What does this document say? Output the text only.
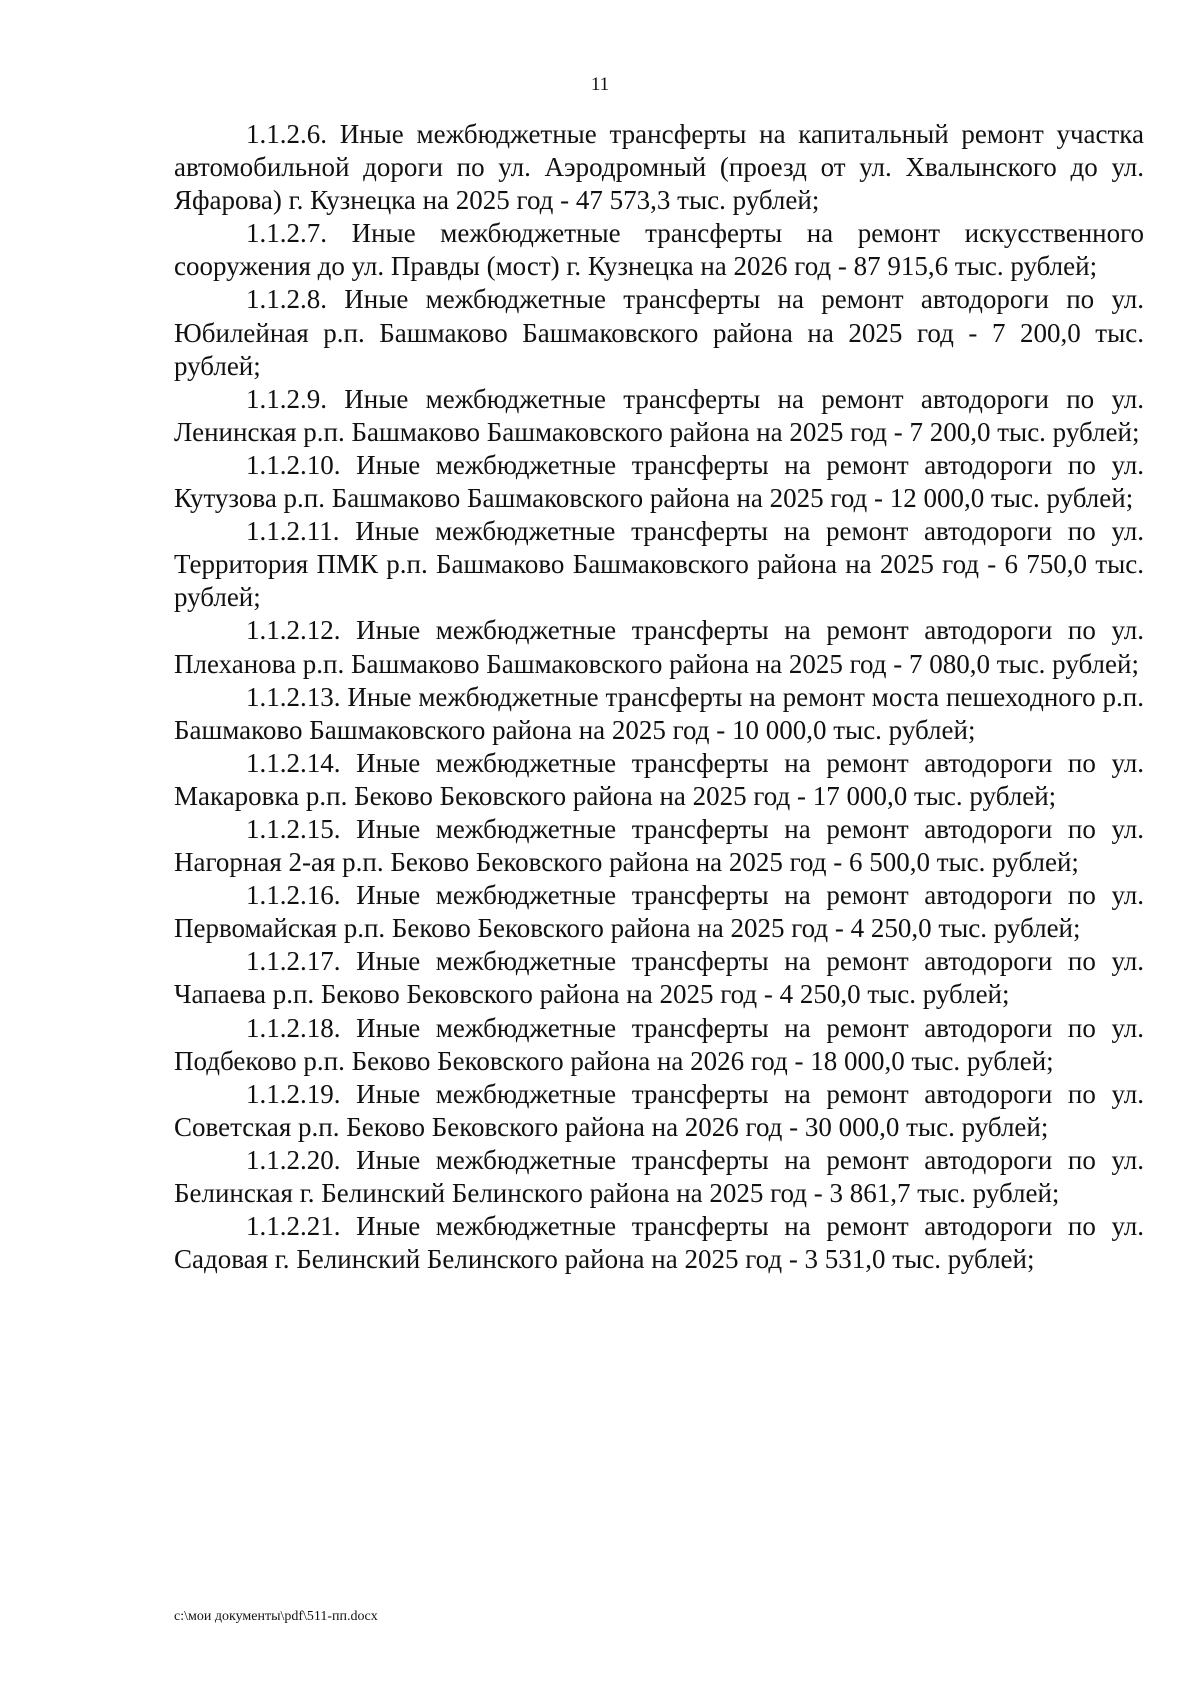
11

1.1.2.6. Иные межбюджетные трансферты на капитальный ремонт участка автомобильной дороги по ул. Аэродромный (проезд от ул. Хвалынского до ул. Яфарова) г. Кузнецка на 2025 год - 47 573,3 тыс. рублей;

1.1.2.7. Иные межбюджетные трансферты на ремонт искусственного сооружения до ул. Правды (мост) г. Кузнецка на 2026 год - 87 915,6 тыс. рублей;

1.1.2.8. Иные межбюджетные трансферты на ремонт автодороги по ул. Юбилейная р.п. Башмаково Башмаковского района на 2025 год - 7 200,0 тыс. рублей;

1.1.2.9. Иные межбюджетные трансферты на ремонт автодороги по ул. Ленинская р.п. Башмаково Башмаковского района на 2025 год - 7 200,0 тыс. рублей;

1.1.2.10. Иные межбюджетные трансферты на ремонт автодороги по ул. Кутузова р.п. Башмаково Башмаковского района на 2025 год - 12 000,0 тыс. рублей;

1.1.2.11. Иные межбюджетные трансферты на ремонт автодороги по ул. Территория ПМК р.п. Башмаково Башмаковского района на 2025 год - 6 750,0 тыс. рублей;

1.1.2.12. Иные межбюджетные трансферты на ремонт автодороги по ул. Плеханова р.п. Башмаково Башмаковского района на 2025 год - 7 080,0 тыс. рублей;

1.1.2.13. Иные межбюджетные трансферты на ремонт моста пешеходного р.п. Башмаково Башмаковского района на 2025 год - 10 000,0 тыс. рублей;

1.1.2.14. Иные межбюджетные трансферты на ремонт автодороги по ул. Макаровка р.п. Беково Бековского района на 2025 год - 17 000,0 тыс. рублей;

1.1.2.15. Иные межбюджетные трансферты на ремонт автодороги по ул. Нагорная 2-ая р.п. Беково Бековского района на 2025 год - 6 500,0 тыс. рублей;

1.1.2.16. Иные межбюджетные трансферты на ремонт автодороги по ул. Первомайская р.п. Беково Бековского района на 2025 год - 4 250,0 тыс. рублей;

1.1.2.17. Иные межбюджетные трансферты на ремонт автодороги по ул. Чапаева р.п. Беково Бековского района на 2025 год - 4 250,0 тыс. рублей;

1.1.2.18. Иные межбюджетные трансферты на ремонт автодороги по ул. Подбеково р.п. Беково Бековского района на 2026 год - 18 000,0 тыс. рублей;

1.1.2.19. Иные межбюджетные трансферты на ремонт автодороги по ул. Советская р.п. Беково Бековского района на 2026 год - 30 000,0 тыс. рублей;

1.1.2.20. Иные межбюджетные трансферты на ремонт автодороги по ул. Белинская г. Белинский Белинского района на 2025 год - 3 861,7 тыс. рублей;

1.1.2.21. Иные межбюджетные трансферты на ремонт автодороги по ул. Садовая г. Белинский Белинского района на 2025 год - 3 531,0 тыс. рублей;

c:\мои документы\pdf\511-пп.docx
